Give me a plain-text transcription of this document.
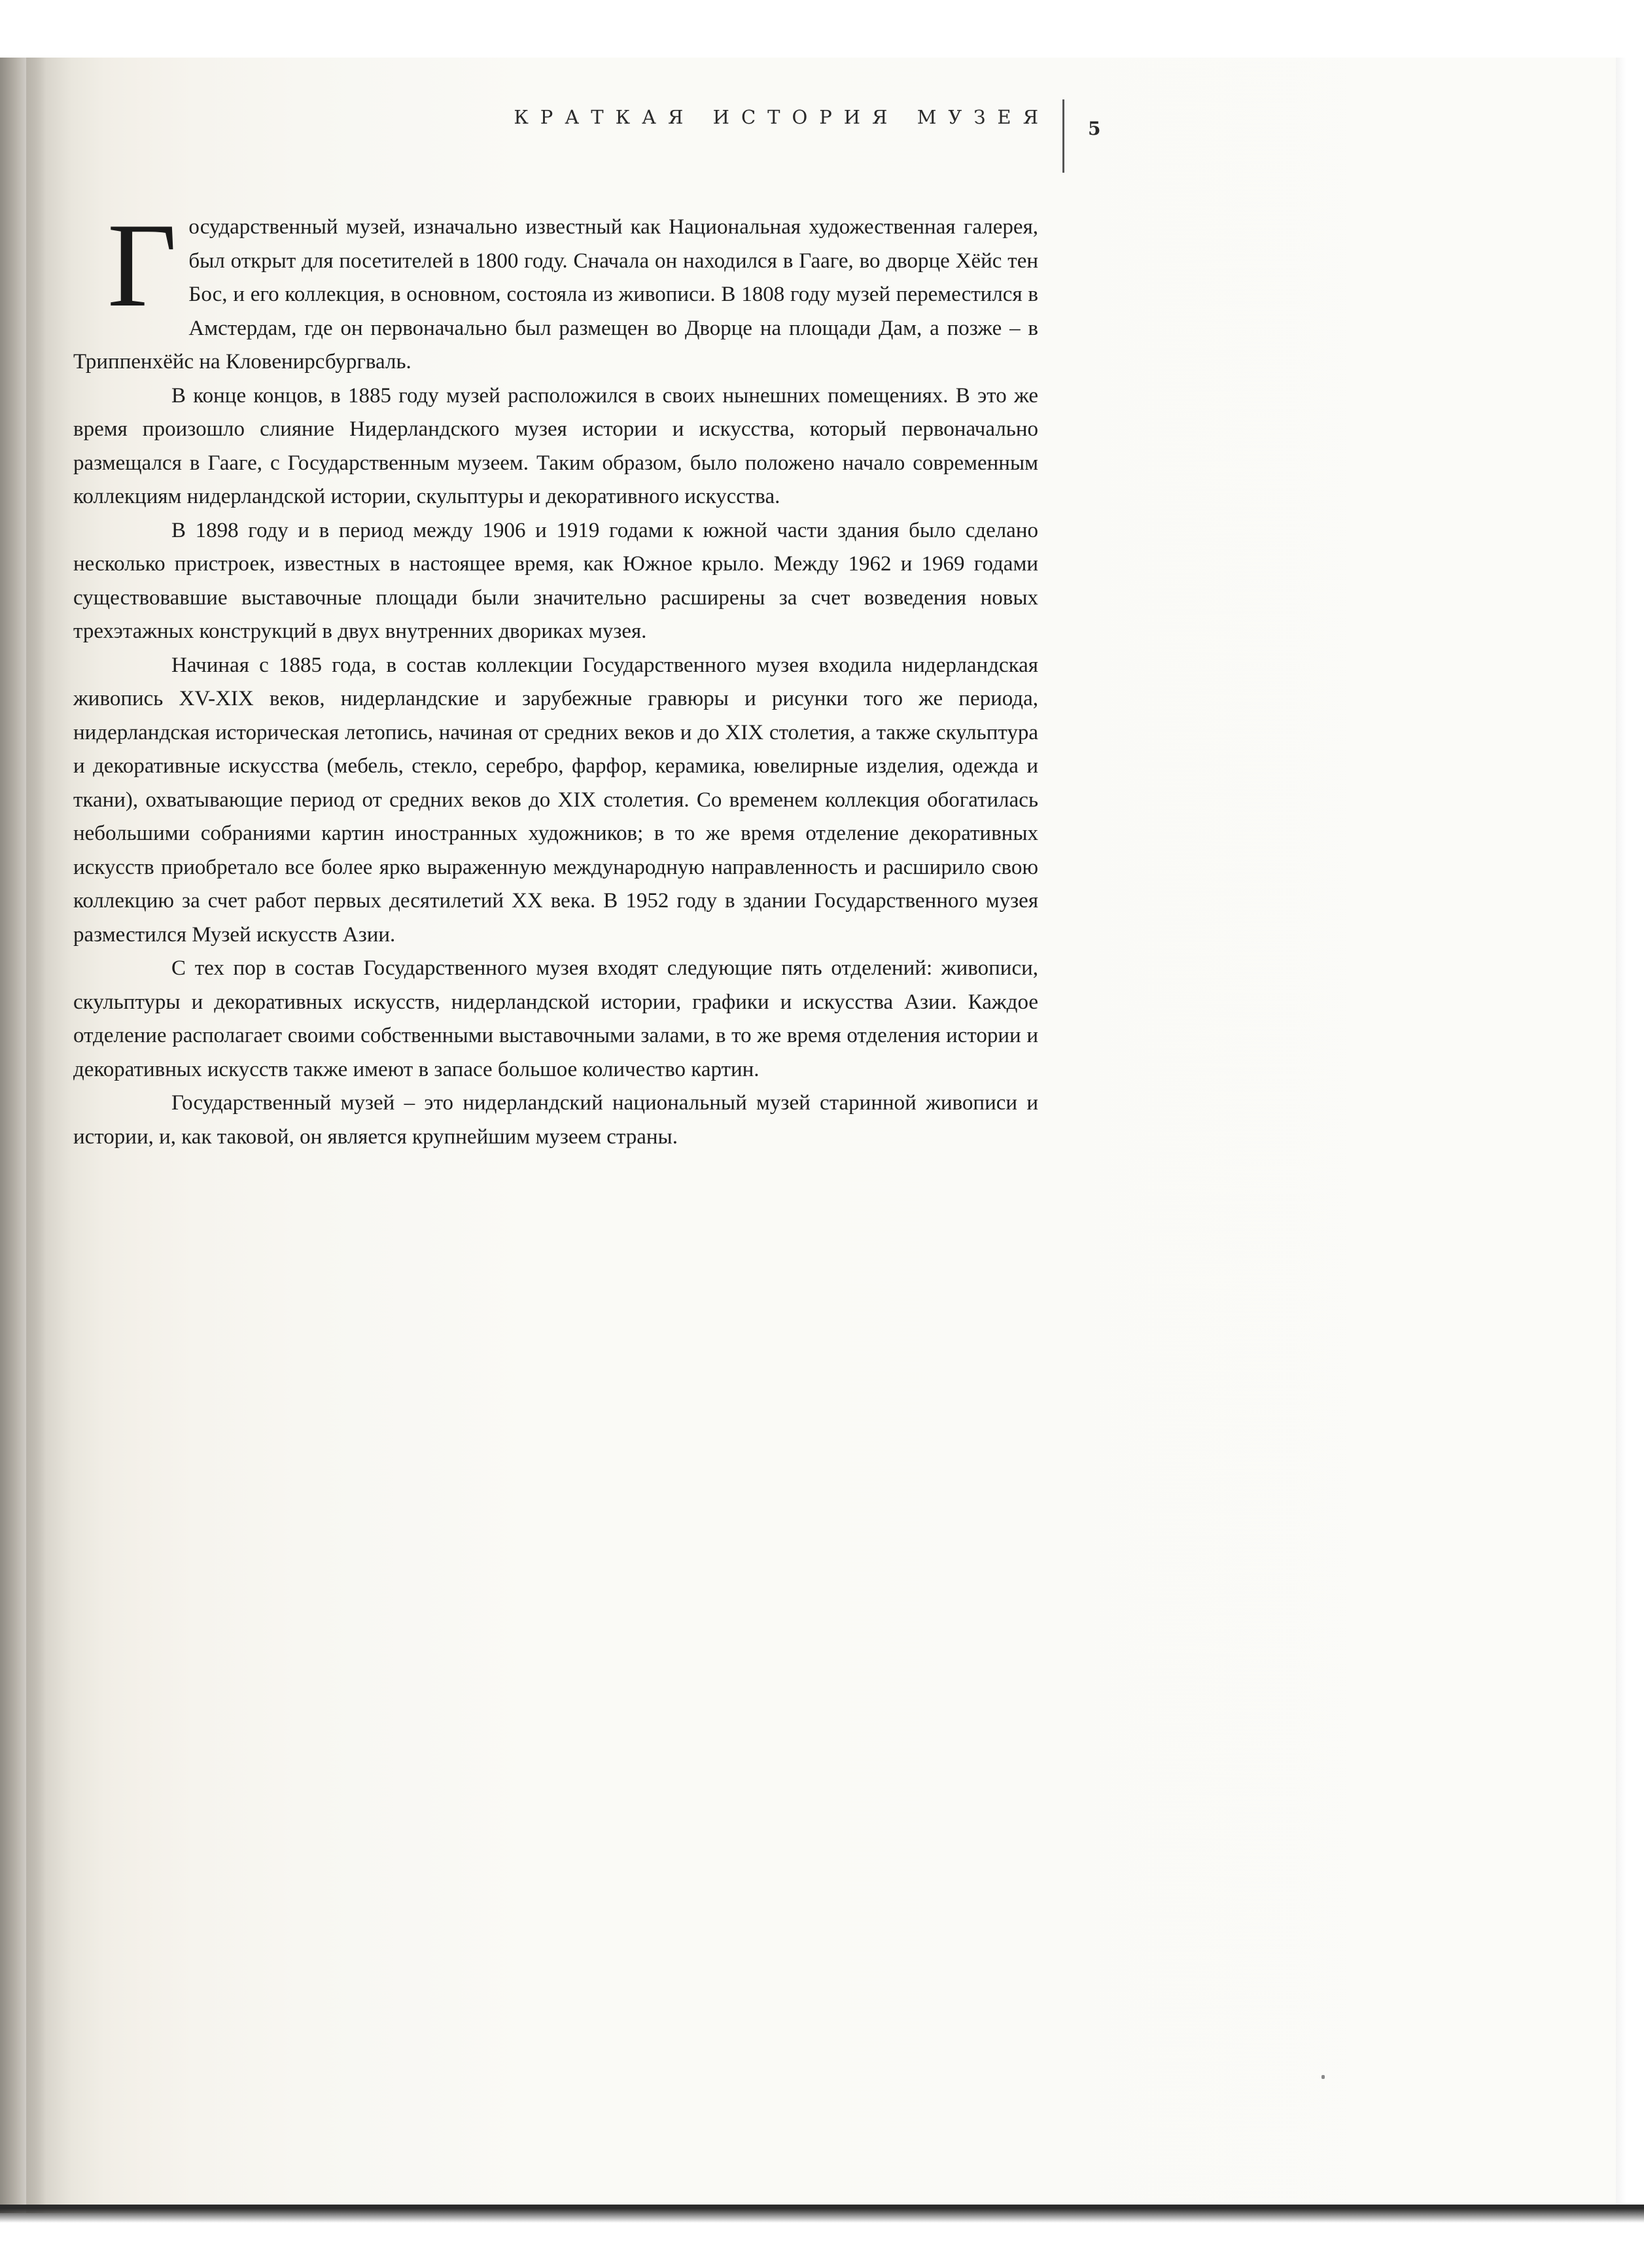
КРАТКАЯ ИСТОРИЯ МУЗЕЯ
5

Государственный музей, изначально известный как Национальная художественная галерея, был открыт для посетителей в 1800 году. Сначала он находился в Гааге, во дворце Хёйс тен Бос, и его коллекция, в основном, состояла из живописи. В 1808 году музей переместился в Амстердам, где он первоначально был размещен во Дворце на площади Дам, а позже – в Триппенхёйс на Кловенирсбургваль.

В конце концов, в 1885 году музей расположился в своих нынешних помещениях. В это же время произошло слияние Нидерландского музея истории и искусства, который первоначально размещался в Гааге, с Государственным музеем. Таким образом, было положено начало современным коллекциям нидерландской истории, скульптуры и декоративного искусства.

В 1898 году и в период между 1906 и 1919 годами к южной части здания было сделано несколько пристроек, известных в настоящее время, как Южное крыло. Между 1962 и 1969 годами существовавшие выставочные площади были значительно расширены за счет возведения новых трехэтажных конструкций в двух внутренних двориках музея.

Начиная с 1885 года, в состав коллекции Государственного музея входила нидерландская живопись XV-XIX веков, нидерландские и зарубежные гравюры и рисунки того же периода, нидерландская историческая летопись, начиная от средних веков и до XIX столетия, а также скульптура и декоративные искусства (мебель, стекло, серебро, фарфор, керамика, ювелирные изделия, одежда и ткани), охватывающие период от средних веков до XIX столетия. Со временем коллекция обогатилась небольшими собраниями картин иностранных художников; в то же время отделение декоративных искусств приобретало все более ярко выраженную международную направленность и расширило свою коллекцию за счет работ первых десятилетий XX века. В 1952 году в здании Государственного музея разместился Музей искусств Азии.

С тех пор в состав Государственного музея входят следующие пять отделений: живописи, скульптуры и декоративных искусств, нидерландской истории, графики и искусства Азии. Каждое отделение располагает своими собственными выставочными залами, в то же время отделения истории и декоративных искусств также имеют в запасе большое количество картин.

Государственный музей – это нидерландский национальный музей старинной живописи и истории, и, как таковой, он является крупнейшим музеем страны.
